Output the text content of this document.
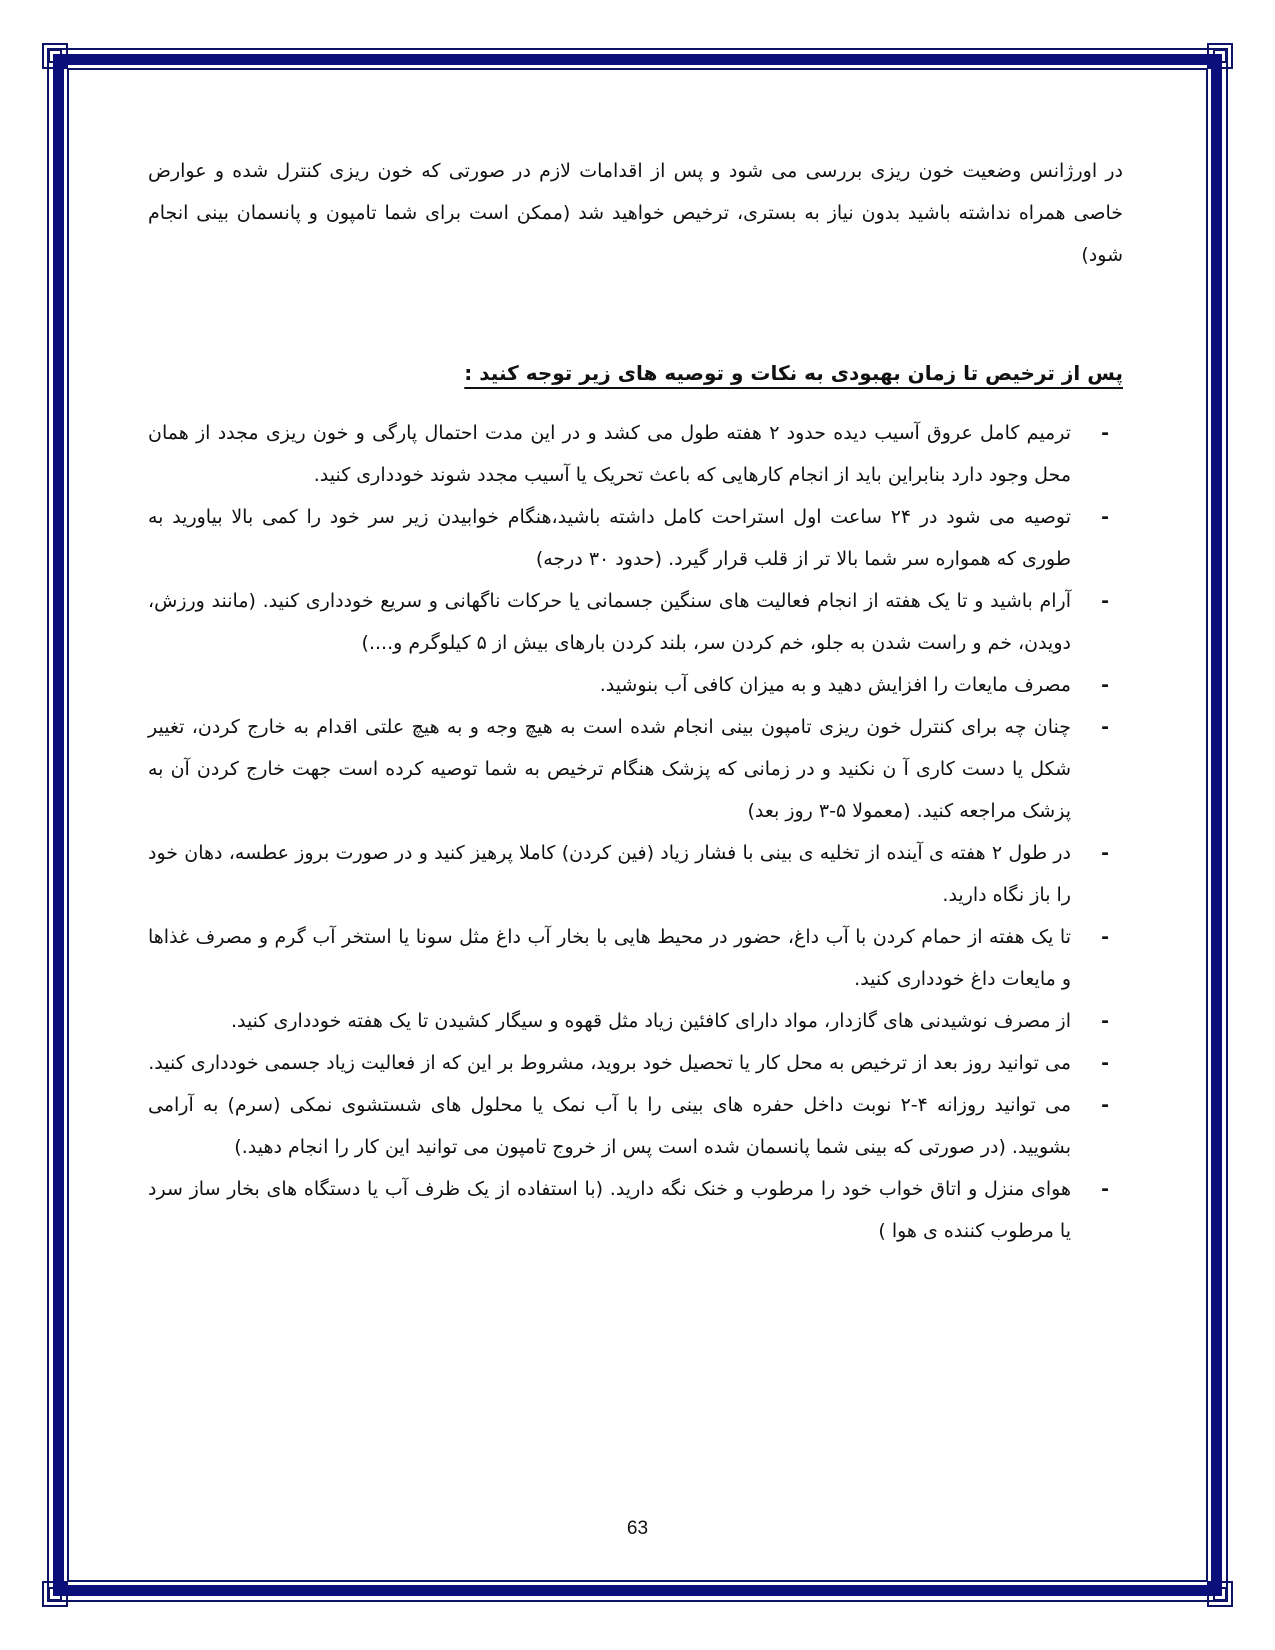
در اورژانس وضعیت خون ریزی بررسی می شود و پس از اقدامات لازم در صورتی که خون ریزی کنترل شده و عوارض خاصی همراه نداشته باشید بدون نیاز به بستری، ترخیص خواهید شد (ممکن است برای شما تامپون و پانسمان بینی انجام شود)

پس از ترخیص تا زمان بهبودی به نکات و توصیه های زیر توجه کنید :
-
ترمیم کامل عروق آسیب دیده حدود ۲ هفته طول می کشد و در این مدت احتمال پارگی و خون ریزی مجدد از همان محل وجود دارد بنابراین باید از انجام کارهایی که باعث تحریک یا آسیب مجدد شوند خودداری کنید.
-
توصیه می شود در ۲۴ ساعت اول استراحت کامل داشته باشید،هنگام خوابیدن زیر سر خود را کمی بالا بیاورید به طوری که همواره سر شما بالا تر از قلب قرار گیرد. (حدود ۳۰ درجه)
-
آرام باشید و تا یک هفته از انجام فعالیت های سنگین جسمانی یا حرکات ناگهانی و سریع خودداری کنید. (مانند ورزش، دویدن، خم و راست شدن به جلو، خم کردن سر، بلند کردن بارهای بیش از ۵ کیلوگرم و....)
-
مصرف مایعات را افزایش دهید و به میزان کافی آب بنوشید.
-
چنان چه برای کنترل خون ریزی تامپون بینی انجام شده است به هیچ وجه و به هیچ علتی اقدام به خارج کردن، تغییر شکل یا دست کاری آ ن نکنید و در زمانی که پزشک هنگام ترخیص به شما توصیه کرده است جهت خارج کردن آن به پزشک مراجعه کنید. (معمولا ۵-۳ روز بعد)
-
در طول ۲ هفته ی آینده از تخلیه ی بینی با فشار زیاد (فین کردن) کاملا پرهیز کنید و در صورت بروز عطسه، دهان خود را باز نگاه دارید.
-
تا یک هفته از حمام کردن با آب داغ، حضور در محیط هایی با بخار آب داغ مثل سونا یا استخر آب گرم و مصرف غذاها و مایعات داغ خودداری کنید.
-
از مصرف نوشیدنی های گازدار، مواد دارای کافئین زیاد مثل قهوه و سیگار کشیدن تا یک هفته خودداری کنید.
-
می توانید روز بعد از ترخیص به محل کار یا تحصیل خود بروید، مشروط بر این که از فعالیت زیاد جسمی خودداری کنید.
-
می توانید روزانه ۴-۲ نوبت داخل حفره های بینی را با آب نمک یا محلول های شستشوی نمکی (سرم) به آرامی بشویید. (در صورتی که بینی شما پانسمان شده است پس از خروج تامپون می توانید این کار را انجام دهید.)
-
هوای منزل و اتاق خواب خود را مرطوب و خنک نگه دارید. (با استفاده از یک ظرف آب یا دستگاه های بخار ساز سرد یا مرطوب کننده ی هوا )
63
